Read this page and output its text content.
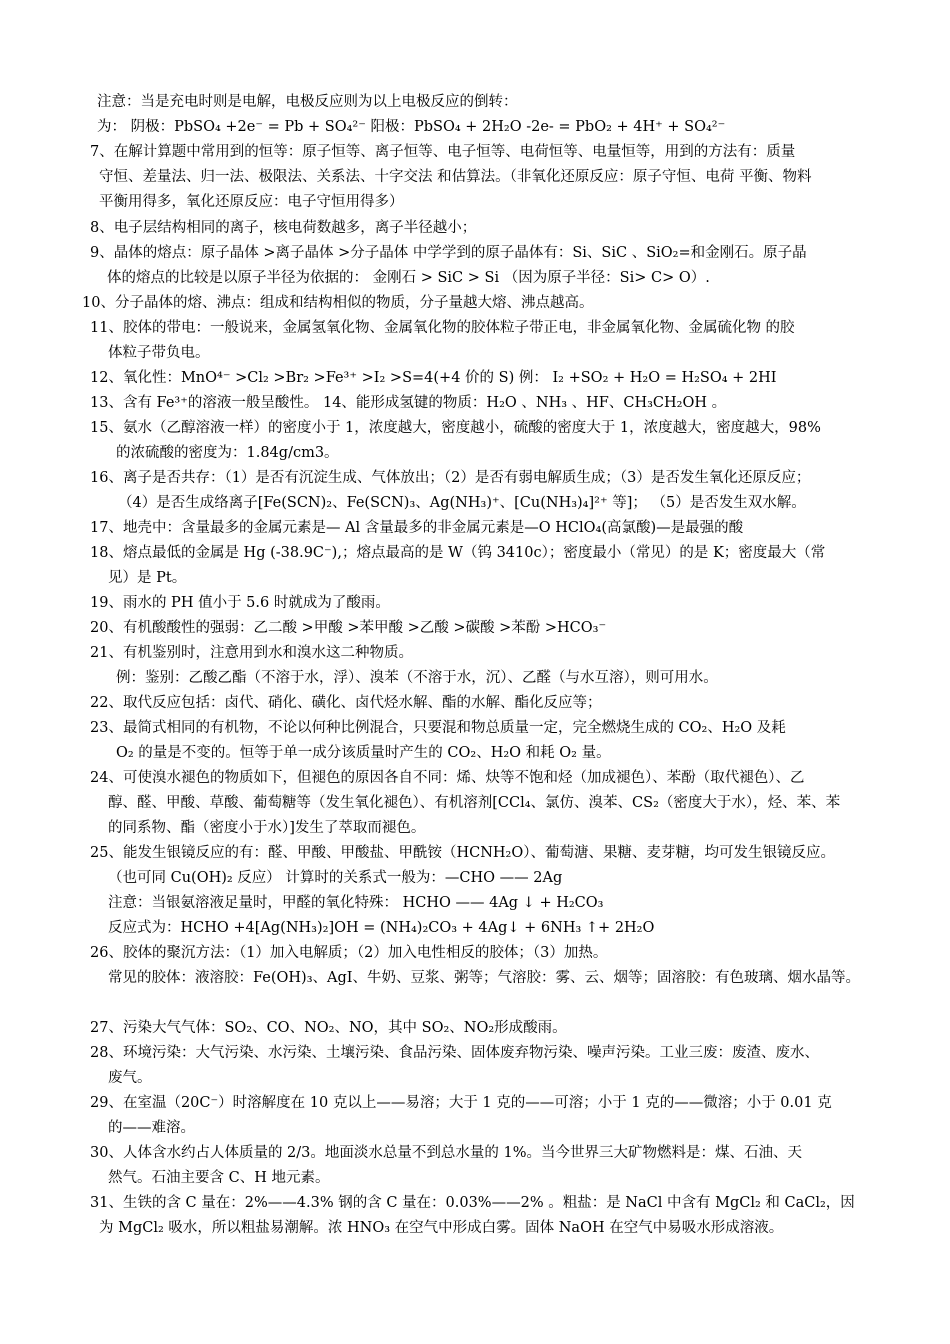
注意：当是充电时则是电解，电极反应则为以上电极反应的倒转：
为： 阴极：PbSO₄ +2e⁻ = Pb + SO₄²⁻ 阳极：PbSO₄ + 2H₂O -2e- = PbO₂ + 4H⁺ + SO₄²⁻
7、在解计算题中常用到的恒等：原子恒等、离子恒等、电子恒等、电荷恒等、电量恒等，用到的方法有：质量
守恒、差量法、归一法、极限法、关系法、十字交法 和估算法。（非氧化还原反应：原子守恒、电荷 平衡、物料
平衡用得多，氧化还原反应：电子守恒用得多）
8、电子层结构相同的离子，核电荷数越多，离子半径越小；
9、晶体的熔点：原子晶体 >离子晶体 >分子晶体 中学学到的原子晶体有：Si、SiC 、SiO₂=和金刚石。原子晶
体的熔点的比较是以原子半径为依据的： 金刚石 > SiC > Si （因为原子半径：Si> C> O）.
10、分子晶体的熔、沸点：组成和结构相似的物质，分子量越大熔、沸点越高。
11、胶体的带电：一般说来，金属氢氧化物、金属氧化物的胶体粒子带正电，非金属氧化物、金属硫化物 的胶
体粒子带负电。
12、氧化性：MnO⁴⁻ >Cl₂ >Br₂ >Fe³⁺ >I₂ >S=4(+4 价的 S) 例： I₂ +SO₂ + H₂O = H₂SO₄ + 2HI
13、含有 Fe³⁺的溶液一般呈酸性。 14、能形成氢键的物质：H₂O 、NH₃ 、HF、CH₃CH₂OH 。
15、氨水（乙醇溶液一样）的密度小于 1，浓度越大，密度越小，硫酸的密度大于 1，浓度越大，密度越大，98%
的浓硫酸的密度为：1.84g/cm3。
16、离子是否共存：（1）是否有沉淀生成、气体放出；（2）是否有弱电解质生成；（3）是否发生氧化还原反应；
（4）是否生成络离子[Fe(SCN)₂、Fe(SCN)₃、Ag(NH₃)⁺、[Cu(NH₃)₄]²⁺ 等]； （5）是否发生双水解。
17、地壳中：含量最多的金属元素是— Al 含量最多的非金属元素是—O HClO₄(高氯酸)—是最强的酸
18、熔点最低的金属是 Hg (-38.9C⁻),；熔点最高的是 W（钨 3410c）；密度最小（常见）的是 K；密度最大（常
见）是 Pt。
19、雨水的 PH 值小于 5.6 时就成为了酸雨。
20、有机酸酸性的强弱：乙二酸 >甲酸 >苯甲酸 >乙酸 >碳酸 >苯酚 >HCO₃⁻
21、有机鉴别时，注意用到水和溴水这二种物质。
例：鉴别：乙酸乙酯（不溶于水，浮）、溴苯（不溶于水，沉）、乙醛（与水互溶），则可用水。
22、取代反应包括：卤代、硝化、磺化、卤代烃水解、酯的水解、酯化反应等；
23、最简式相同的有机物，不论以何种比例混合，只要混和物总质量一定，完全燃烧生成的 CO₂、H₂O 及耗
O₂ 的量是不变的。恒等于单一成分该质量时产生的 CO₂、H₂O 和耗 O₂ 量。
24、可使溴水褪色的物质如下，但褪色的原因各自不同：烯、炔等不饱和烃（加成褪色）、苯酚（取代褪色）、乙
醇、醛、甲酸、草酸、葡萄糖等（发生氧化褪色）、有机溶剂[CCl₄、氯仿、溴苯、CS₂（密度大于水），烃、苯、苯
的同系物、酯（密度小于水）]发生了萃取而褪色。
25、能发生银镜反应的有：醛、甲酸、甲酸盐、甲酰铵（HCNH₂O）、葡萄溏、果糖、麦芽糖，均可发生银镜反应。
（也可同 Cu(OH)₂ 反应） 计算时的关系式一般为：—CHO —— 2Ag
注意：当银氨溶液足量时，甲醛的氧化特殊： HCHO —— 4Ag ↓ + H₂CO₃
反应式为：HCHO +4[Ag(NH₃)₂]OH = (NH₄)₂CO₃ + 4Ag↓ + 6NH₃ ↑+ 2H₂O
26、胶体的聚沉方法：（1）加入电解质；（2）加入电性相反的胶体；（3）加热。
常见的胶体：液溶胶：Fe(OH)₃、AgI、牛奶、豆浆、粥等；气溶胶：雾、云、烟等；固溶胶：有色玻璃、烟水晶等。
27、污染大气气体：SO₂、CO、NO₂、NO，其中 SO₂、NO₂形成酸雨。
28、环境污染：大气污染、水污染、土壤污染、食品污染、固体废弃物污染、噪声污染。工业三废：废渣、废水、
废气。
29、在室温（20C⁻）时溶解度在 10 克以上——易溶；大于 1 克的——可溶；小于 1 克的——微溶；小于 0.01 克
的——难溶。
30、人体含水约占人体质量的 2/3。地面淡水总量不到总水量的 1%。当今世界三大矿物燃料是：煤、石油、天
然气。石油主要含 C、H 地元素。
31、生铁的含 C 量在：2%——4.3% 钢的含 C 量在：0.03%——2% 。粗盐：是 NaCl 中含有 MgCl₂ 和 CaCl₂，因
为 MgCl₂ 吸水，所以粗盐易潮解。浓 HNO₃ 在空气中形成白雾。固体 NaOH 在空气中易吸水形成溶液。
